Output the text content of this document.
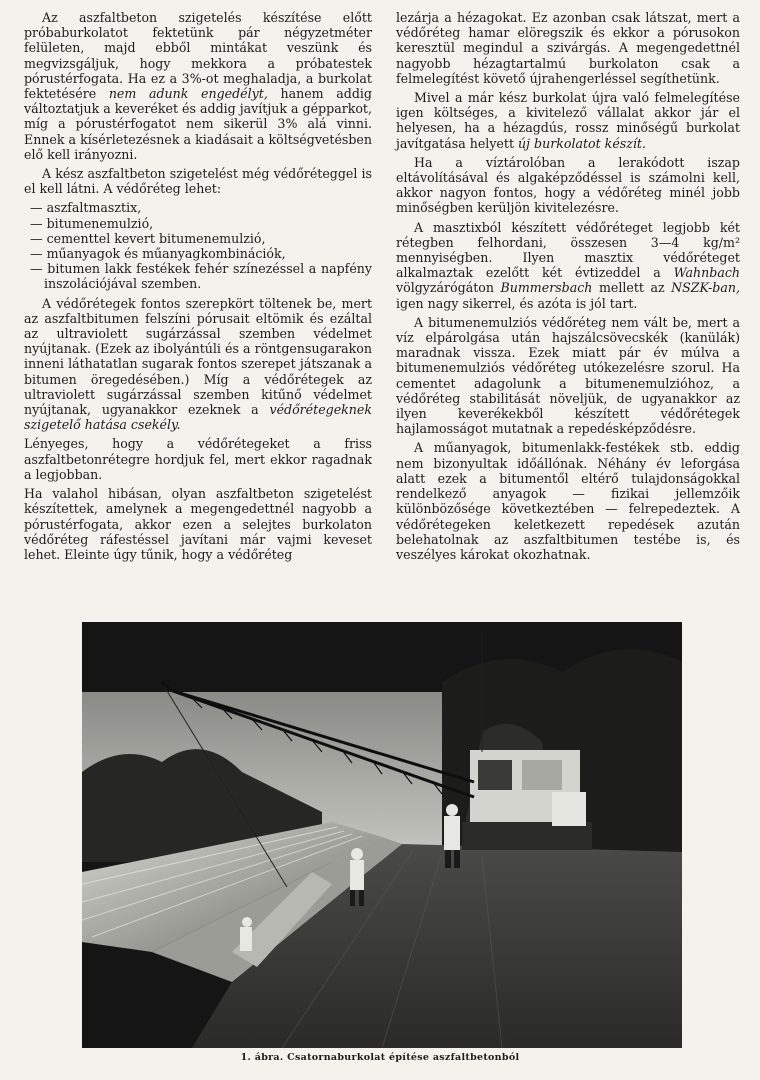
Az aszfaltbeton szigetelés készítése előtt próbaburkolatot fektetünk pár négyzetméter felületen, majd ebből mintákat veszünk és megvizsgáljuk, hogy mekkora a próbatestek pórustérfogata. Ha ez a 3%-ot meghaladja, a burkolat fektetésére nem adunk engedélyt, hanem addig változtatjuk a keveréket és addig javítjuk a gépparkot, míg a pórustérfogatot nem sikerül 3% alá vinni. Ennek a kísérletezésnek a kiadásait a költségvetésben elő kell irányozni.

A kész aszfaltbeton szigetelést még védőréteggel is el kell látni. A védőréteg lehet:

— aszfaltmasztix,
— bitumenemulzió,
— cementtel kevert bitumenemulzió,
— műanyagok és műanyagkombinációk,
— bitumen lakk festékek fehér színezéssel a napfény inszolációjával szemben.

A védőrétegek fontos szerepkört töltenek be, mert az aszfaltbitumen felszíni pórusait eltömik és ezáltal az ultraviolett sugárzással szemben védelmet nyújtanak. (Ezek az ibolyántúli és a röntgensugarakon inneni láthatatlan sugarak fontos szerepet játszanak a bitumen öregedésében.) Míg a védőrétegek az ultraviolett sugárzással szemben kitűnő védelmet nyújtanak, ugyanakkor ezeknek a védőrétegeknek szigetelő hatása csekély.

Lényeges, hogy a védőrétegeket a friss aszfaltbetonrétegre hordjuk fel, mert ekkor ragadnak a legjobban.

Ha valahol hibásan, olyan aszfaltbeton szigetelést készítettek, amelynek a megengedettnél nagyobb a pórustérfogata, akkor ezen a selejtes burkolaton védőréteg ráfestéssel javítani már vajmi keveset lehet. Eleinte úgy tűnik, hogy a védőréteg

lezárja a hézagokat. Ez azonban csak látszat, mert a védőréteg hamar elöregszik és ekkor a pórusokon keresztül megindul a szivárgás. A megengedettnél nagyobb hézagtartalmú burkolaton csak a felmelegítést követő újrahengerléssel segíthetünk.

Mivel a már kész burkolat újra való felmelegítése igen költséges, a kivitelező vállalat akkor jár el helyesen, ha a hézagdús, rossz minőségű burkolat javítgatása helyett új burkolatot készít.

Ha a víztárolóban a lerakódott iszap eltávolításával és algaképződéssel is számolni kell, akkor nagyon fontos, hogy a védőréteg minél jobb minőségben kerüljön kivitelezésre.

A masztixból készített védőréteget legjobb két rétegben felhordani, összesen 3—4 kg/m² mennyiségben. Ilyen masztix védőréteget alkalmaztak ezelőtt két évtizeddel a Wahnbach völgyzárógáton Bummersbach mellett az NSZK-ban, igen nagy sikerrel, és azóta is jól tart.

A bitumenemulziós védőréteg nem vált be, mert a víz elpárolgása után hajszálcsövecskék (kanülák) maradnak vissza. Ezek miatt pár év múlva a bitumenemulziós védőréteg utókezelésre szorul. Ha cementet adagolunk a bitumenemulzióhoz, a védőréteg stabilitását növeljük, de ugyanakkor az ilyen keverékekből készített védőrétegek hajlamosságot mutatnak a repedésképződésre.

A műanyagok, bitumenlakk-festékek stb. eddig nem bizonyultak időállónak. Néhány év leforgása alatt ezek a bitumentől eltérő tulajdonságokkal rendelkező anyagok — fizikai jellemzőik különbözősége következtében — felrepedeztek. A védőrétegeken keletkezett repedések azután belehatolnak az aszfaltbitumen testébe is, és veszélyes károkat okozhatnak.

1. ábra. Csatornaburkolat építése aszfaltbetonból
